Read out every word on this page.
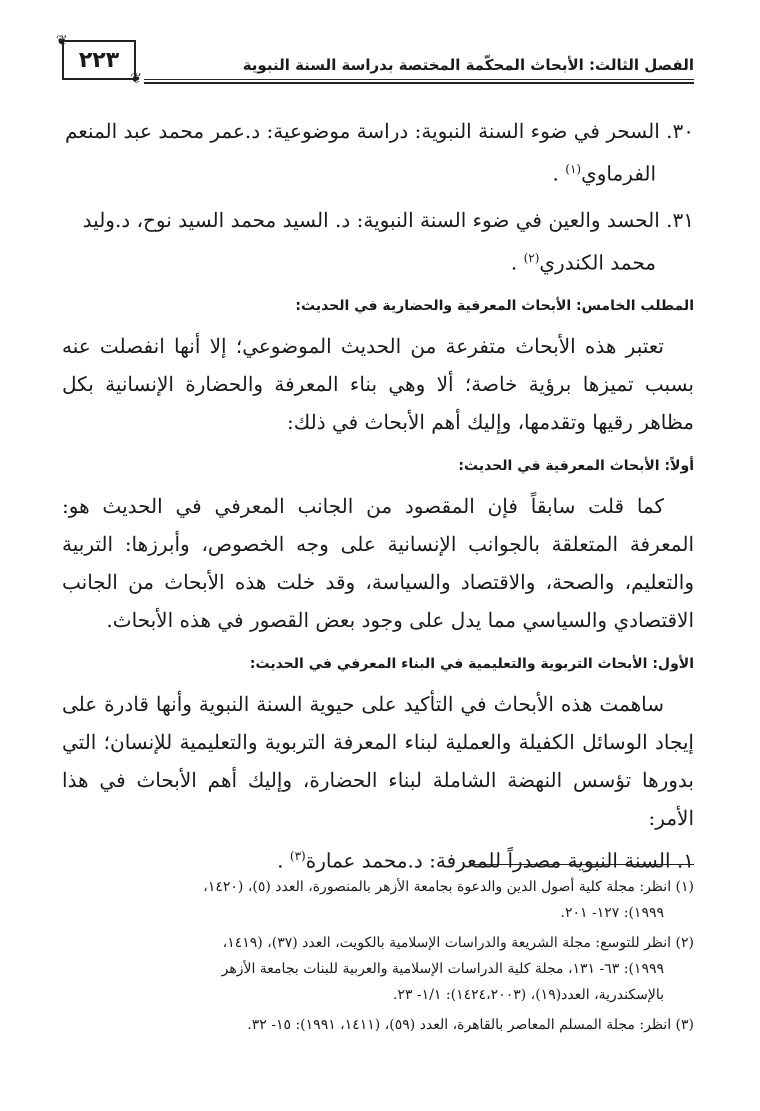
الفصل الثالث: الأبحاث المحكّمة المختصة بدراسة السنة النبوية
❦
٢٢٣
❦
٣٠. السحر في ضوء السنة النبوية: دراسة موضوعية: د.عمر محمد عبد المنعم
الفرماوي$^{(١)}$ .
٣١. الحسد والعين في ضوء السنة النبوية: د. السيد محمد السيد نوح، د.وليد
محمد الكندري$^{(٢)}$ .
المطلب الخامس: الأبحاث المعرفية والحضارية في الحديث:

تعتبر هذه الأبحاث متفرعة من الحديث الموضوعي؛ إلا أنها انفصلت عنه بسبب تميزها برؤية خاصة؛ ألا وهي بناء المعرفة والحضارة الإنسانية بكل مظاهر رقيها وتقدمها، وإليك أهم الأبحاث في ذلك:

أولاً: الأبحاث المعرفية في الحديث:

كما قلت سابقاً فإن المقصود من الجانب المعرفي في الحديث هو: المعرفة المتعلقة بالجوانب الإنسانية على وجه الخصوص، وأبرزها: التربية والتعليم، والصحة، والاقتصاد والسياسة، وقد خلت هذه الأبحاث من الجانب الاقتصادي والسياسي مما يدل على وجود بعض القصور في هذه الأبحاث.

الأول: الأبحاث التربوية والتعليمية في البناء المعرفي في الحديث:

ساهمت هذه الأبحاث في التأكيد على حيوية السنة النبوية وأنها قادرة على إيجاد الوسائل الكفيلة والعملية لبناء المعرفة التربوية والتعليمية للإنسان؛ التي بدورها تؤسس النهضة الشاملة لبناء الحضارة، وإليك أهم الأبحاث في هذا الأمر:

١. السنة النبوية مصدراً للمعرفة: د.محمد عمارة$^{(٣)}$ .
(١) انظر: مجلة كلية أصول الدين والدعوة بجامعة الأزهر بالمنصورة، العدد (٥)، (١٤٢٠،
١٩٩٩): ١٢٧- ٢٠١.
(٢) انظر للتوسع: مجلة الشريعة والدراسات الإسلامية بالكويت، العدد (٣٧)، (١٤١٩،
١٩٩٩): ٦٣- ١٣١، مجلة كلية الدراسات الإسلامية والعربية للبنات بجامعة الأزهر
بالإسكندرية، العدد(١٩)، (١٤٢٤،٢٠٠٣): ١/١- ٢٣.
(٣) انظر: مجلة المسلم المعاصر بالقاهرة، العدد (٥٩)، (١٤١١، ١٩٩١): ١٥- ٣٢.
